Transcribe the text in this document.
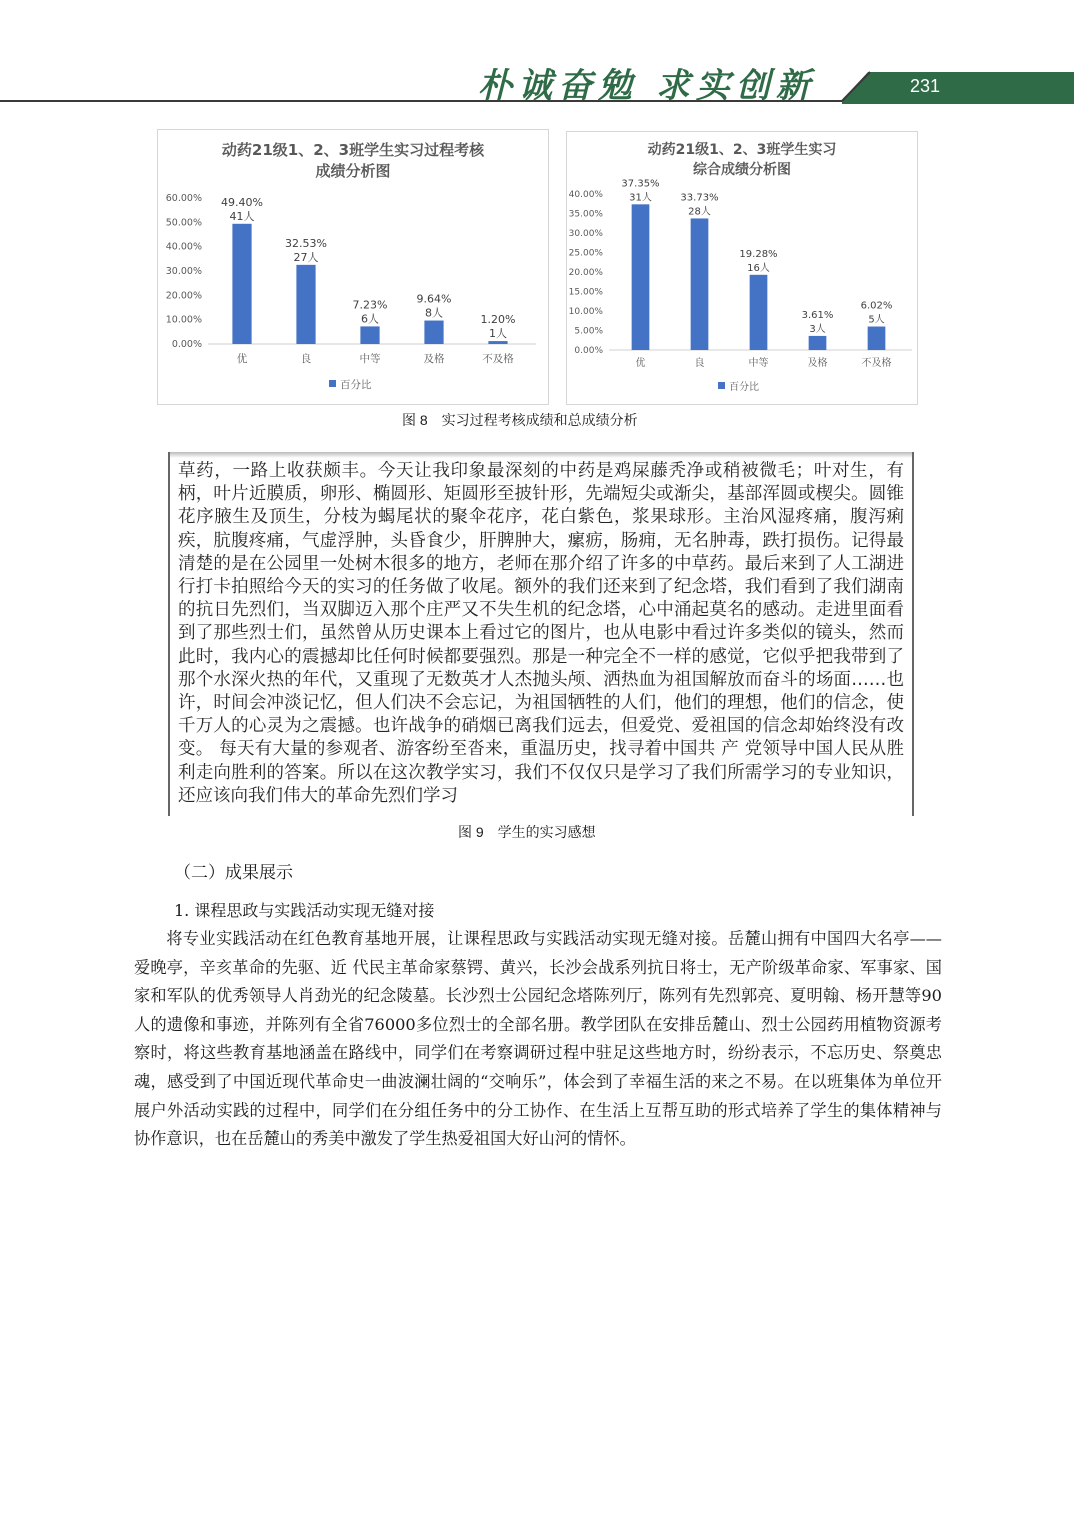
朴诚奋勉 求实创新	231
动药21级1、2、3班学生实习过程考核
成绩分析图
0.00%
10.00%
20.00%
30.00%
40.00%
50.00%
60.00% 49.40%
41人
优
32.53%
27人
良
7.23%
6人
中等
9.64%
8人
及格
1.20%
1人
不及格
百分比
动药21级1、2、3班学生实习
综合成绩分析图
0.00%
5.00%
10.00%
15.00%
20.00%
25.00%
30.00%
35.00%
40.00%
37.35%
31人
优
33.73%
28人
良
19.28%
16人
中等
3.61%
3人
及格
6.02%
5人
不及格
百分比
图 8　实习过程考核成绩和总成绩分析

草药，一路上收获颇丰。今天让我印象最深刻的中药是鸡屎藤秃净或稍被微毛；叶对生，有柄，叶片近膜质，卵形、椭圆形、矩圆形至披针形，先端短尖或渐尖，基部浑圆或楔尖。圆锥花序腋生及顶生，分枝为蝎尾状的聚伞花序，花白紫色，浆果球形。主治风湿疼痛，腹泻痢疾，肮腹疼痛，气虚浮肿，头昏食少，肝脾肿大，瘰疬，肠痈，无名肿毒，跌打损伤。记得最清楚的是在公园里一处树木很多的地方，老师在那介绍了许多的中草药。最后来到了人工湖进行打卡拍照给今天的实习的任务做了收尾。额外的我们还来到了纪念塔，我们看到了我们湖南的抗日先烈们，当双脚迈入那个庄严又不失生机的纪念塔，心中涌起莫名的感动。走进里面看到了那些烈士们，虽然曾从历史课本上看过它的图片，也从电影中看过许多类似的镜头，然而此时，我内心的震撼却比任何时候都要强烈。那是一种完全不一样的感觉，它似乎把我带到了那个水深火热的年代，又重现了无数英才人杰抛头颅、洒热血为祖国解放而奋斗的场面……也许，时间会冲淡记忆，但人们决不会忘记，为祖国牺牲的人们，他们的理想，他们的信念，使千万人的心灵为之震撼。也许战争的硝烟已离我们远去，但爱党、爱祖国的信念却始终没有改变。 每天有大量的参观者、游客纷至沓来，重温历史，找寻着中国共 产 党领导中国人民从胜利走向胜利的答案。所以在这次教学实习，我们不仅仅只是学习了我们所需学习的专业知识，还应该向我们伟大的革命先烈们学习

图 9　学生的实习感想
（二）成果展示
1. 课程思政与实践活动实现无缝对接

将专业实践活动在红色教育基地开展，让课程思政与实践活动实现无缝对接。岳麓山拥有中国四大名亭——爱晚亭，辛亥革命的先驱、近 代民主革命家蔡锷、黄兴，长沙会战系列抗日将士，无产阶级革命家、军事家、国家和军队的优秀领导人肖劲光的纪念陵墓。长沙烈士公园纪念塔陈列厅，陈列有先烈郭亮、夏明翰、杨开慧等90人的遗像和事迹，并陈列有全省76000多位烈士的全部名册。教学团队在安排岳麓山、烈士公园药用植物资源考察时，将这些教育基地涵盖在路线中，同学们在考察调研过程中驻足这些地方时，纷纷表示，不忘历史、祭奠忠魂，感受到了中国近现代革命史一曲波澜壮阔的“交响乐”，体会到了幸福生活的来之不易。在以班集体为单位开展户外活动实践的过程中，同学们在分组任务中的分工协作、在生活上互帮互助的形式培养了学生的集体精神与协作意识，也在岳麓山的秀美中激发了学生热爱祖国大好山河的情怀。
